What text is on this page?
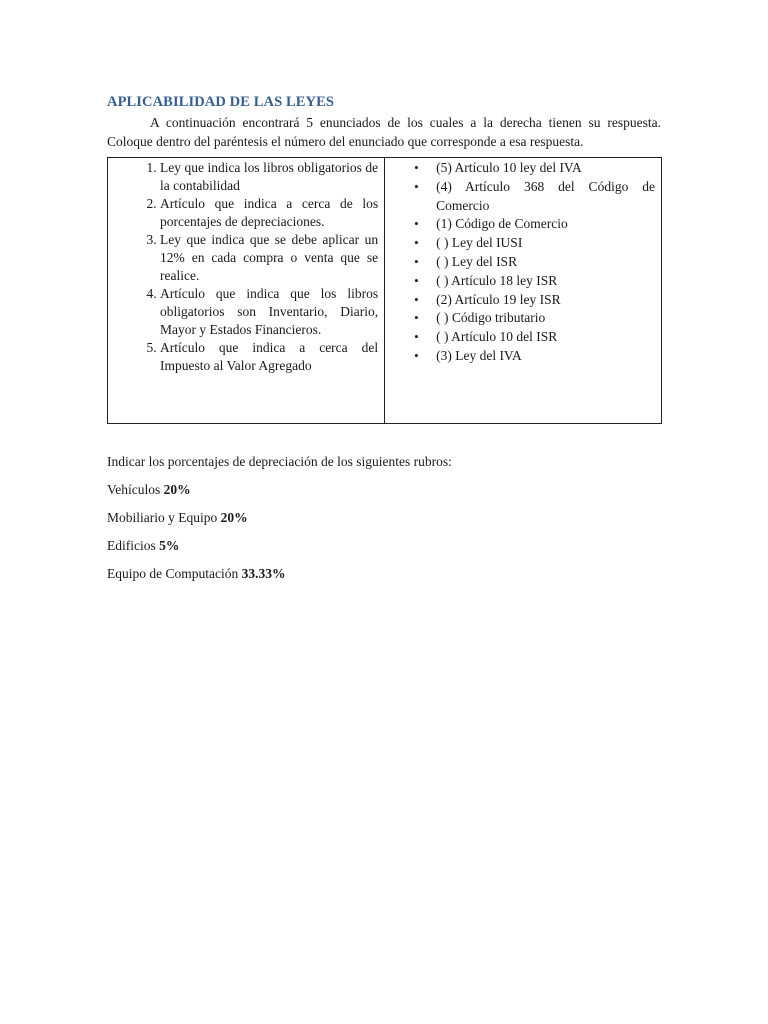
APLICABILIDAD DE LAS LEYES

A continuación encontrará 5 enunciados de los cuales a la derecha tienen su respuesta. Coloque dentro del paréntesis el número del enunciado que corresponde a esa respuesta.

1. Ley que indica los libros obligatorios de la contabilidad
2. Artículo que indica a cerca de los porcentajes de depreciaciones.
3. Ley que indica que se debe aplicar un 12% en cada compra o venta que se realice.
4. Artículo que indica que los libros obligatorios son Inventario, Diario, Mayor y Estados Financieros.
5. Artículo que indica a cerca del Impuesto al Valor Agregado

• (5) Artículo 10 ley del IVA
• (4) Artículo 368 del Código de Comercio
• (1) Código de Comercio
• ( ) Ley del IUSI
• ( ) Ley del ISR
• ( ) Artículo 18 ley ISR
• (2) Artículo 19 ley ISR
• ( ) Código tributario
• ( ) Artículo 10 del ISR
• (3) Ley del IVA

Indicar los porcentajes de depreciación de los siguientes rubros:

Vehículos 20%

Mobiliario y Equipo 20%

Edificios 5%

Equipo de Computación 33.33%
